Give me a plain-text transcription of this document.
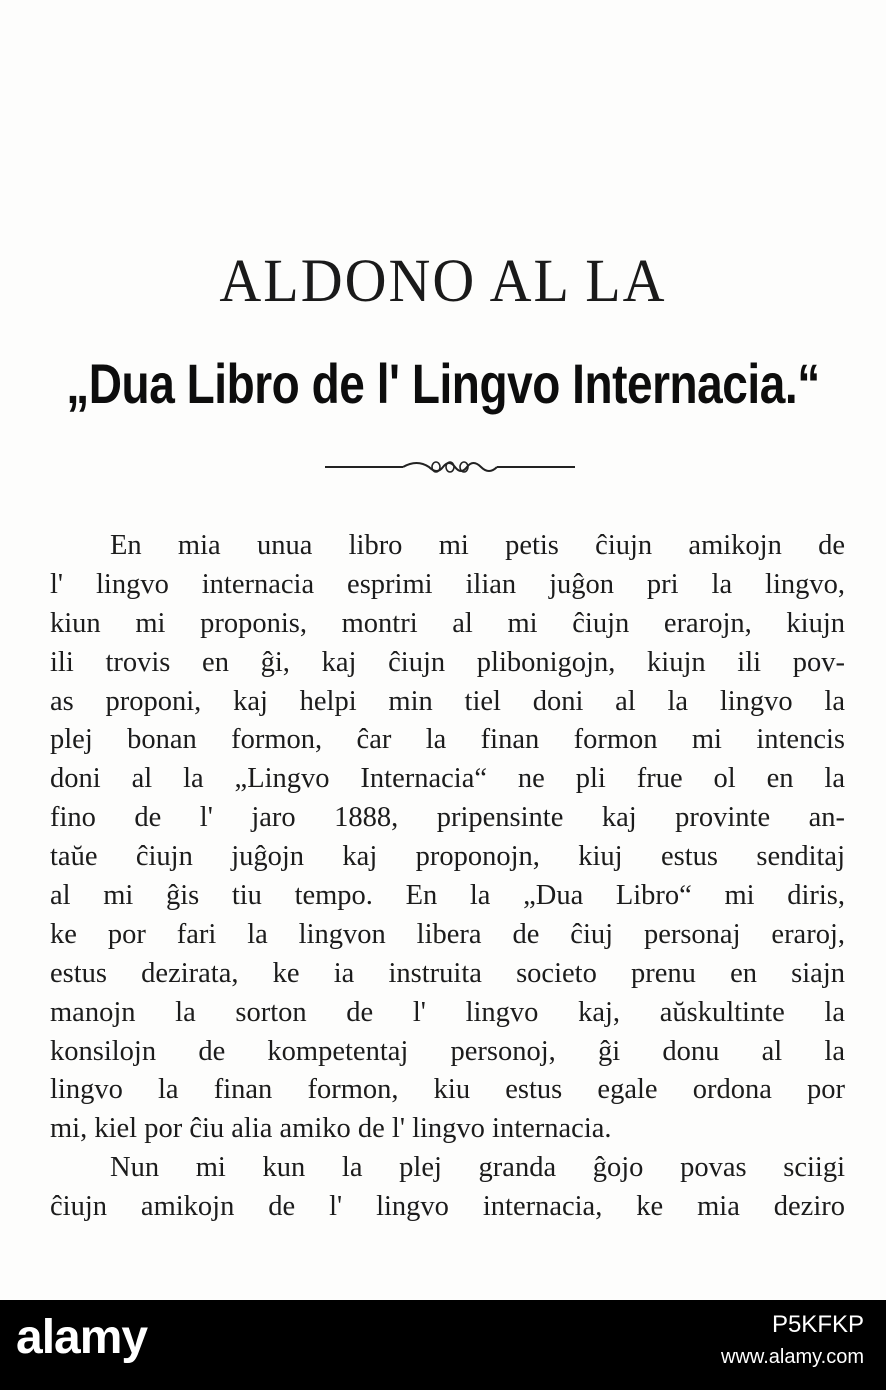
ALDONO AL LA
„Dua Libro de l' Lingvo Internacia.“
En mia unua libro mi petis ĉiujn amikojn de
l' lingvo internacia esprimi ilian juĝon pri la lingvo,
kiun mi proponis, montri al mi ĉiujn erarojn, kiujn
ili trovis en ĝi, kaj ĉiujn plibonigojn, kiujn ili pov-
as proponi, kaj helpi min tiel doni al la lingvo la
plej bonan formon, ĉar la finan formon mi intencis
doni al la „Lingvo Internacia“ ne pli frue ol en la
fino de l' jaro 1888, pripensinte kaj provinte an-
taŭe ĉiujn juĝojn kaj proponojn, kiuj estus senditaj
al mi ĝis tiu tempo. En la „Dua Libro“ mi diris,
ke por fari la lingvon libera de ĉiuj personaj eraroj,
estus dezirata, ke ia instruita societo prenu en siajn
manojn la sorton de l' lingvo kaj, aŭskultinte la
konsilojn de kompetentaj personoj, ĝi donu al la
lingvo la finan formon, kiu estus egale ordona por
mi, kiel por ĉiu alia amiko de l' lingvo internacia.
Nun mi kun la plej granda ĝojo povas sciigi
ĉiujn amikojn de l' lingvo internacia, ke mia deziro
alamy	P5KFKP
www.alamy.com
